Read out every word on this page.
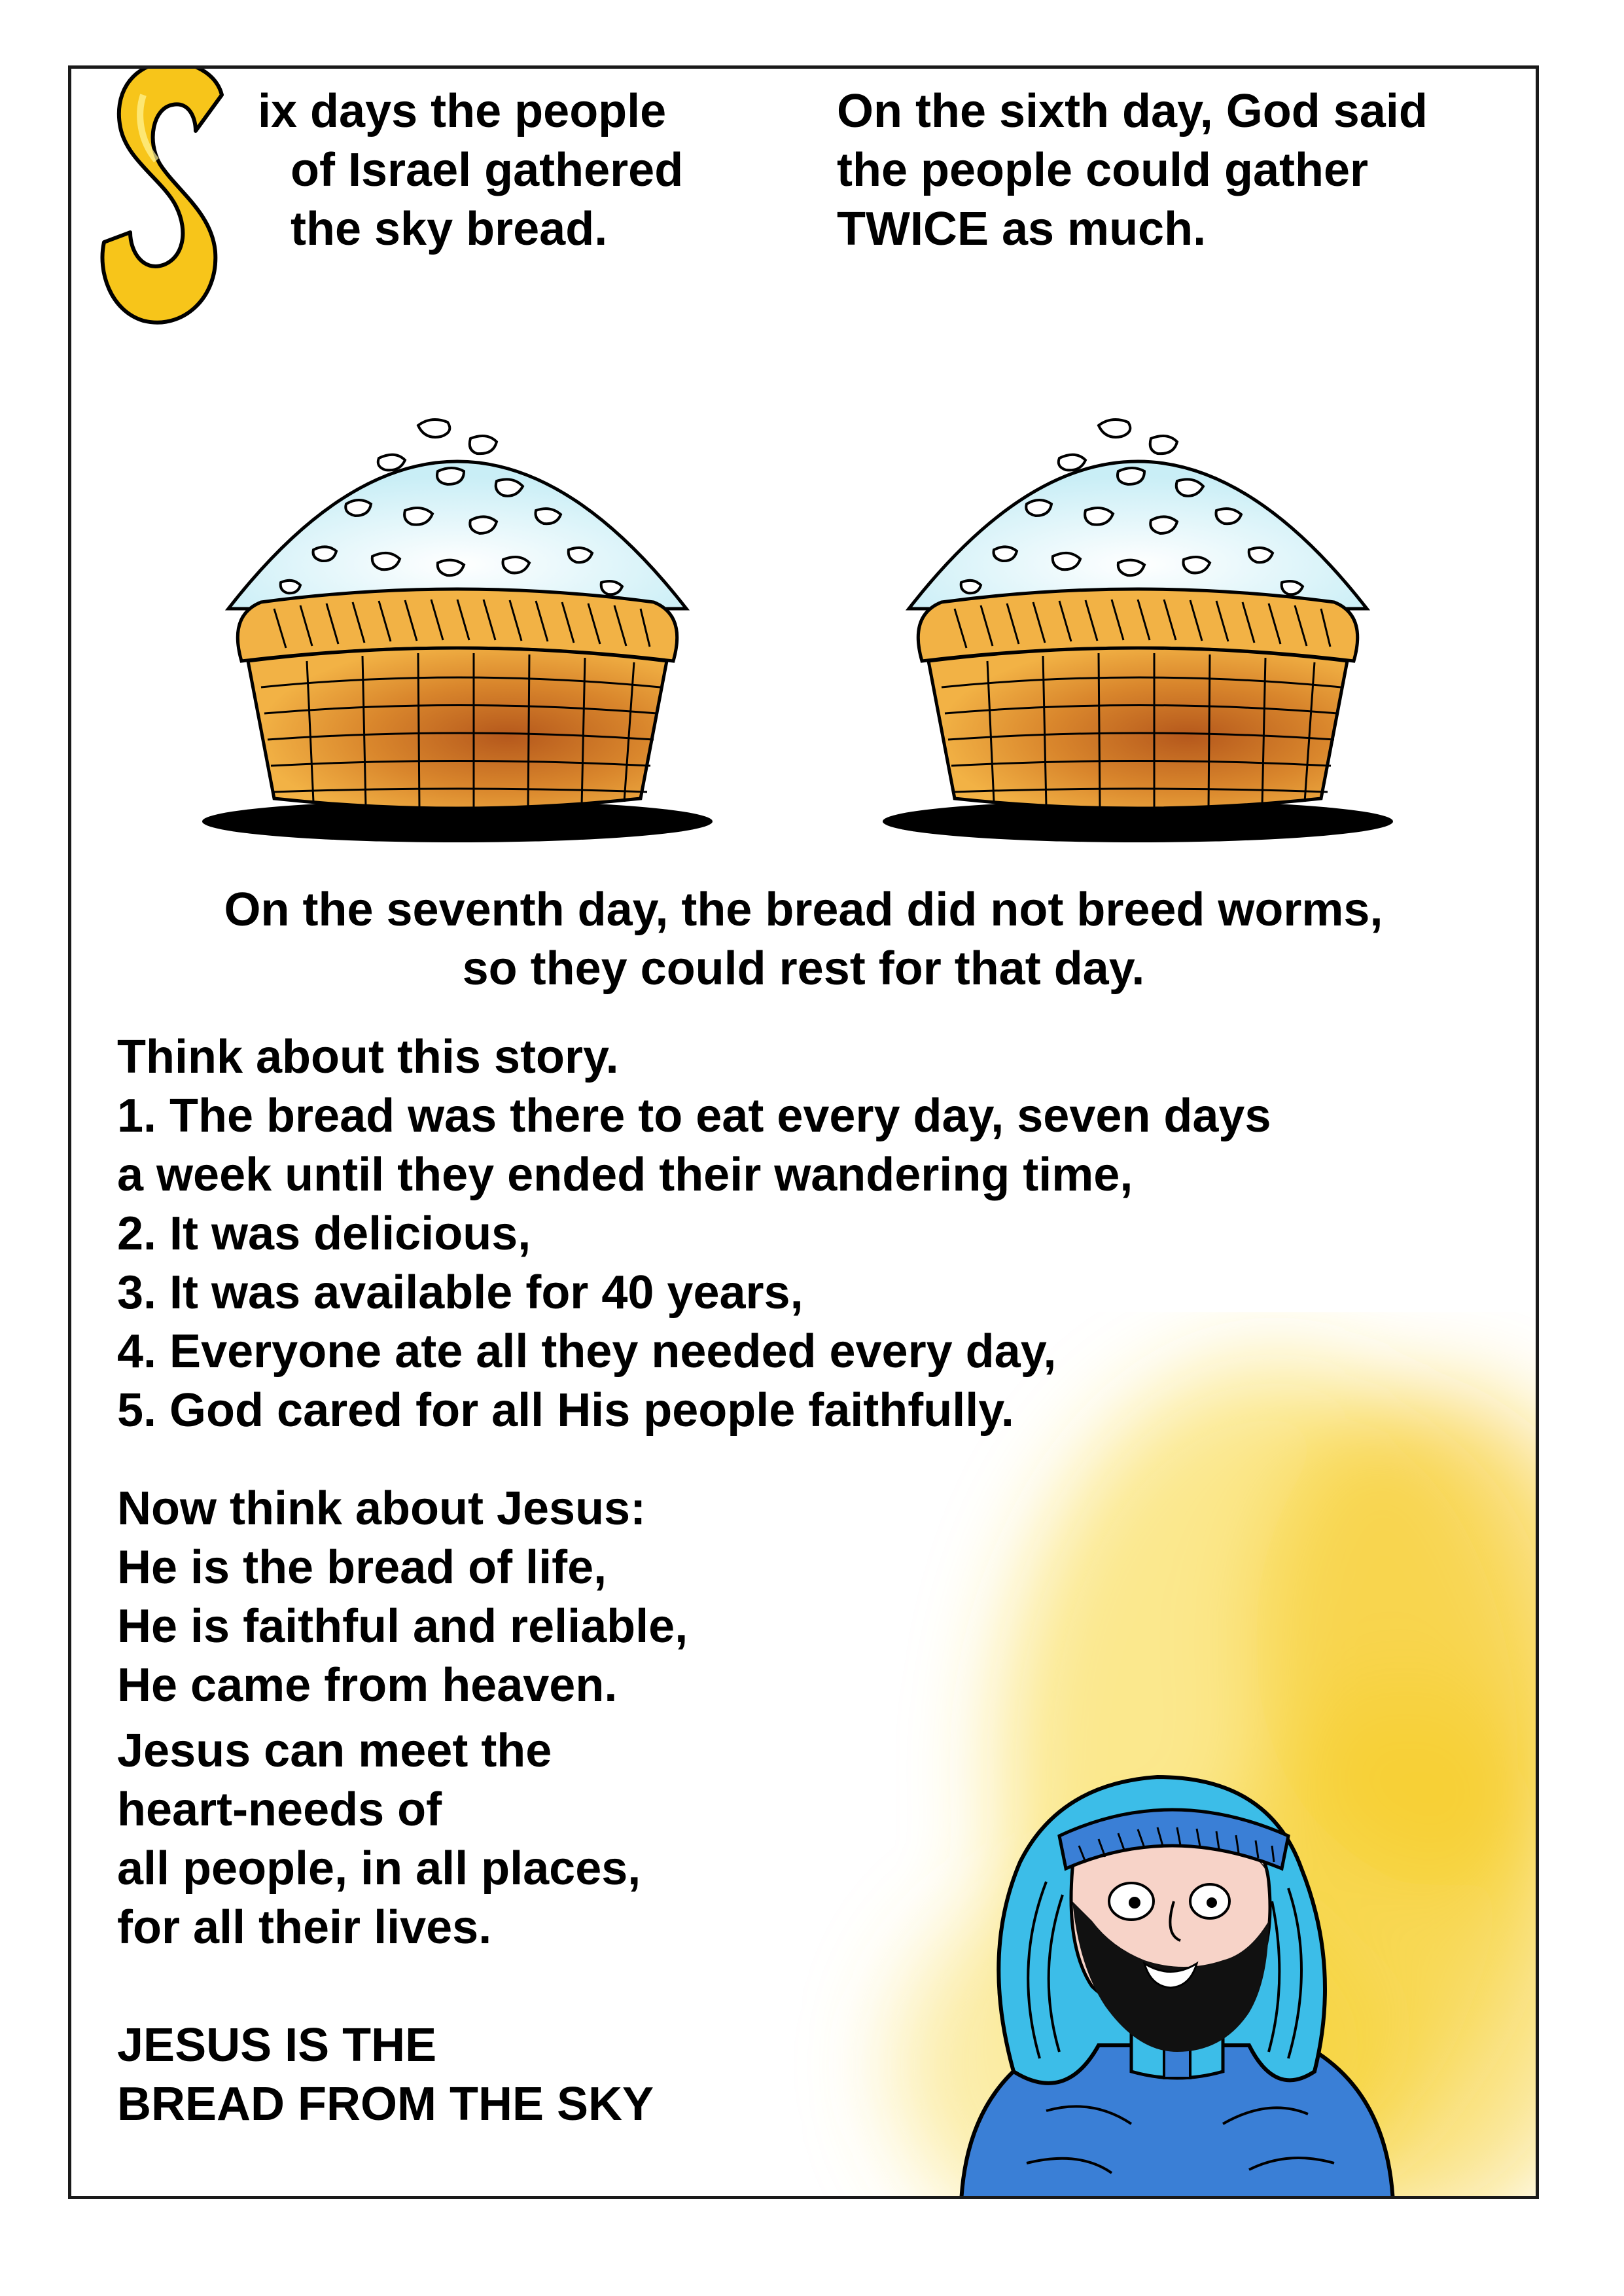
ix days the people
of Israel gathered
the sky bread.
On the sixth day, God said
the people could gather
TWICE as much.
On the seventh day, the bread did not breed worms,
so they could rest for that day.
Think about this story.
1. The bread was there to eat every day, seven days
a week until they ended their wandering time,
2. It was delicious,
3. It was available for 40 years,
4. Everyone ate all they needed every day,
5. God cared for all His people faithfully.
Now think about Jesus:
He is the bread of life,
He is faithful and reliable,
He came from heaven.
Jesus can meet the
heart-needs of
all people, in all places,
for all their lives.
JESUS IS THE
BREAD FROM THE SKY
